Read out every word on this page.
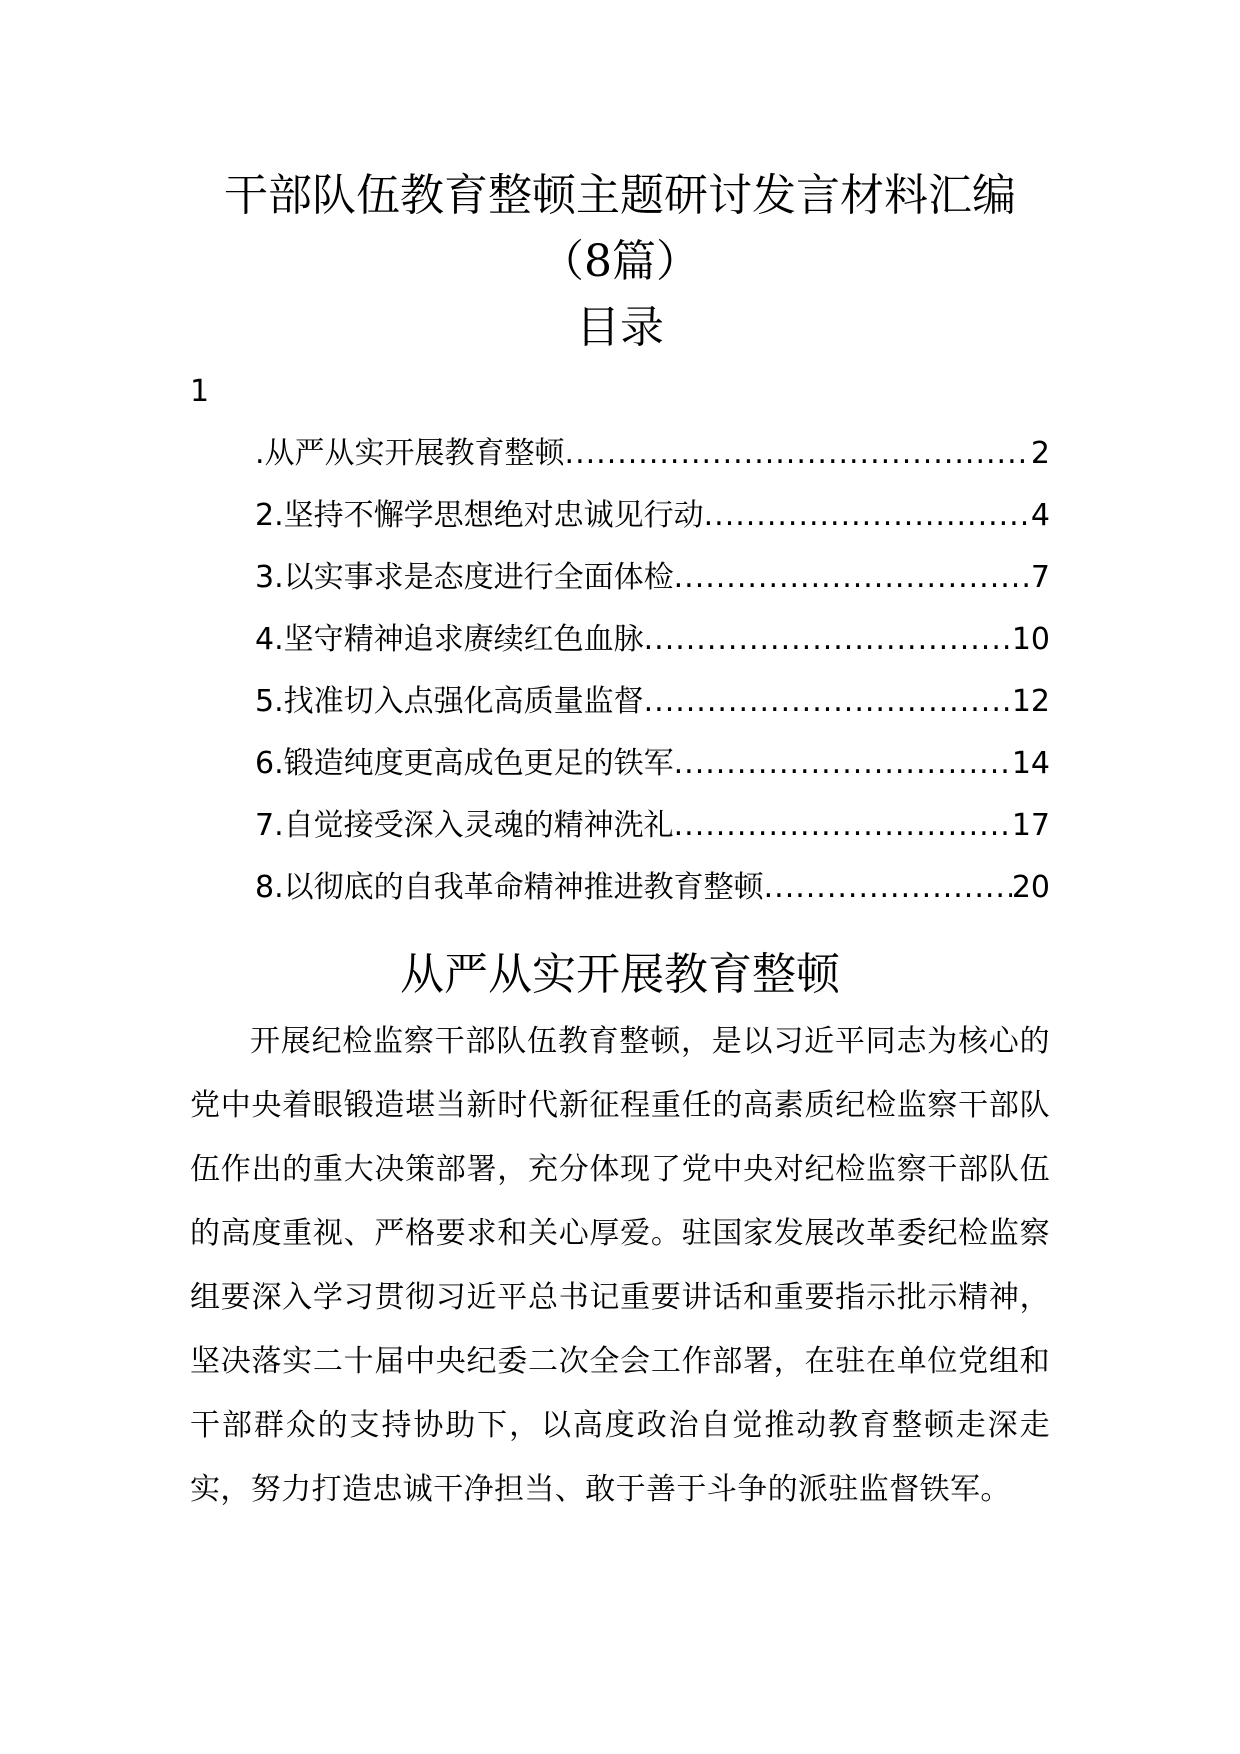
干部队伍教育整顿主题研讨发言材料汇编
（8篇）
目录
1
.从严从实开展教育整顿 .....	2
2.坚持不懈学思想绝对忠诚见行动 .....	4
3.以实事求是态度进行全面体检 .....	7
4.坚守精神追求赓续红色血脉 .....	10
5.找准切入点强化高质量监督 .....	12
6.锻造纯度更高成色更足的铁军 .....	14
7.自觉接受深入灵魂的精神洗礼 .....	17
8.以彻底的自我革命精神推进教育整顿 .....	20
从严从实开展教育整顿

开展纪检监察干部队伍教育整顿，是以习近平同志为核心的党中央着眼锻造堪当新时代新征程重任的高素质纪检监察干部队伍作出的重大决策部署，充分体现了党中央对纪检监察干部队伍的高度重视、严格要求和关心厚爱。驻国家发展改革委纪检监察组要深入学习贯彻习近平总书记重要讲话和重要指示批示精神，坚决落实二十届中央纪委二次全会工作部署，在驻在单位党组和干部群众的支持协助下，以高度政治自觉推动教育整顿走深走实，努力打造忠诚干净担当、敢于善于斗争的派驻监督铁军。
